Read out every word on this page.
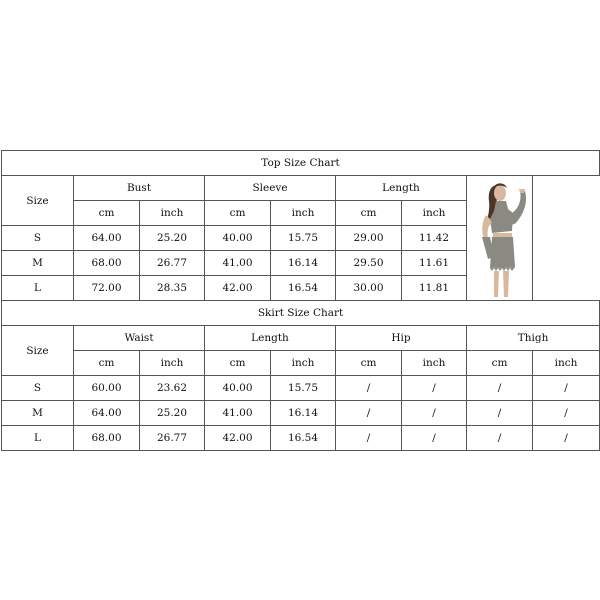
Top Size Chart								
Size	Bust		Sleeve		Length	

	cm	inch	cm	inch	cm	inch		
S	64.00	25.20	40.00	15.75	29.00	11.42		
M	68.00	26.77	41.00	16.14	29.50	11.61		
L	72.00	28.35	42.00	16.54	30.00	11.81		
Skirt Size Chart								
Size	Waist		Length		Hip		Thigh	
	cm	inch	cm	inch	cm	inch	cm	inch
S	60.00	23.62	40.00	15.75	/	/	/	/
M	64.00	25.20	41.00	16.14	/	/	/	/
L	68.00	26.77	42.00	16.54	/	/	/	/
